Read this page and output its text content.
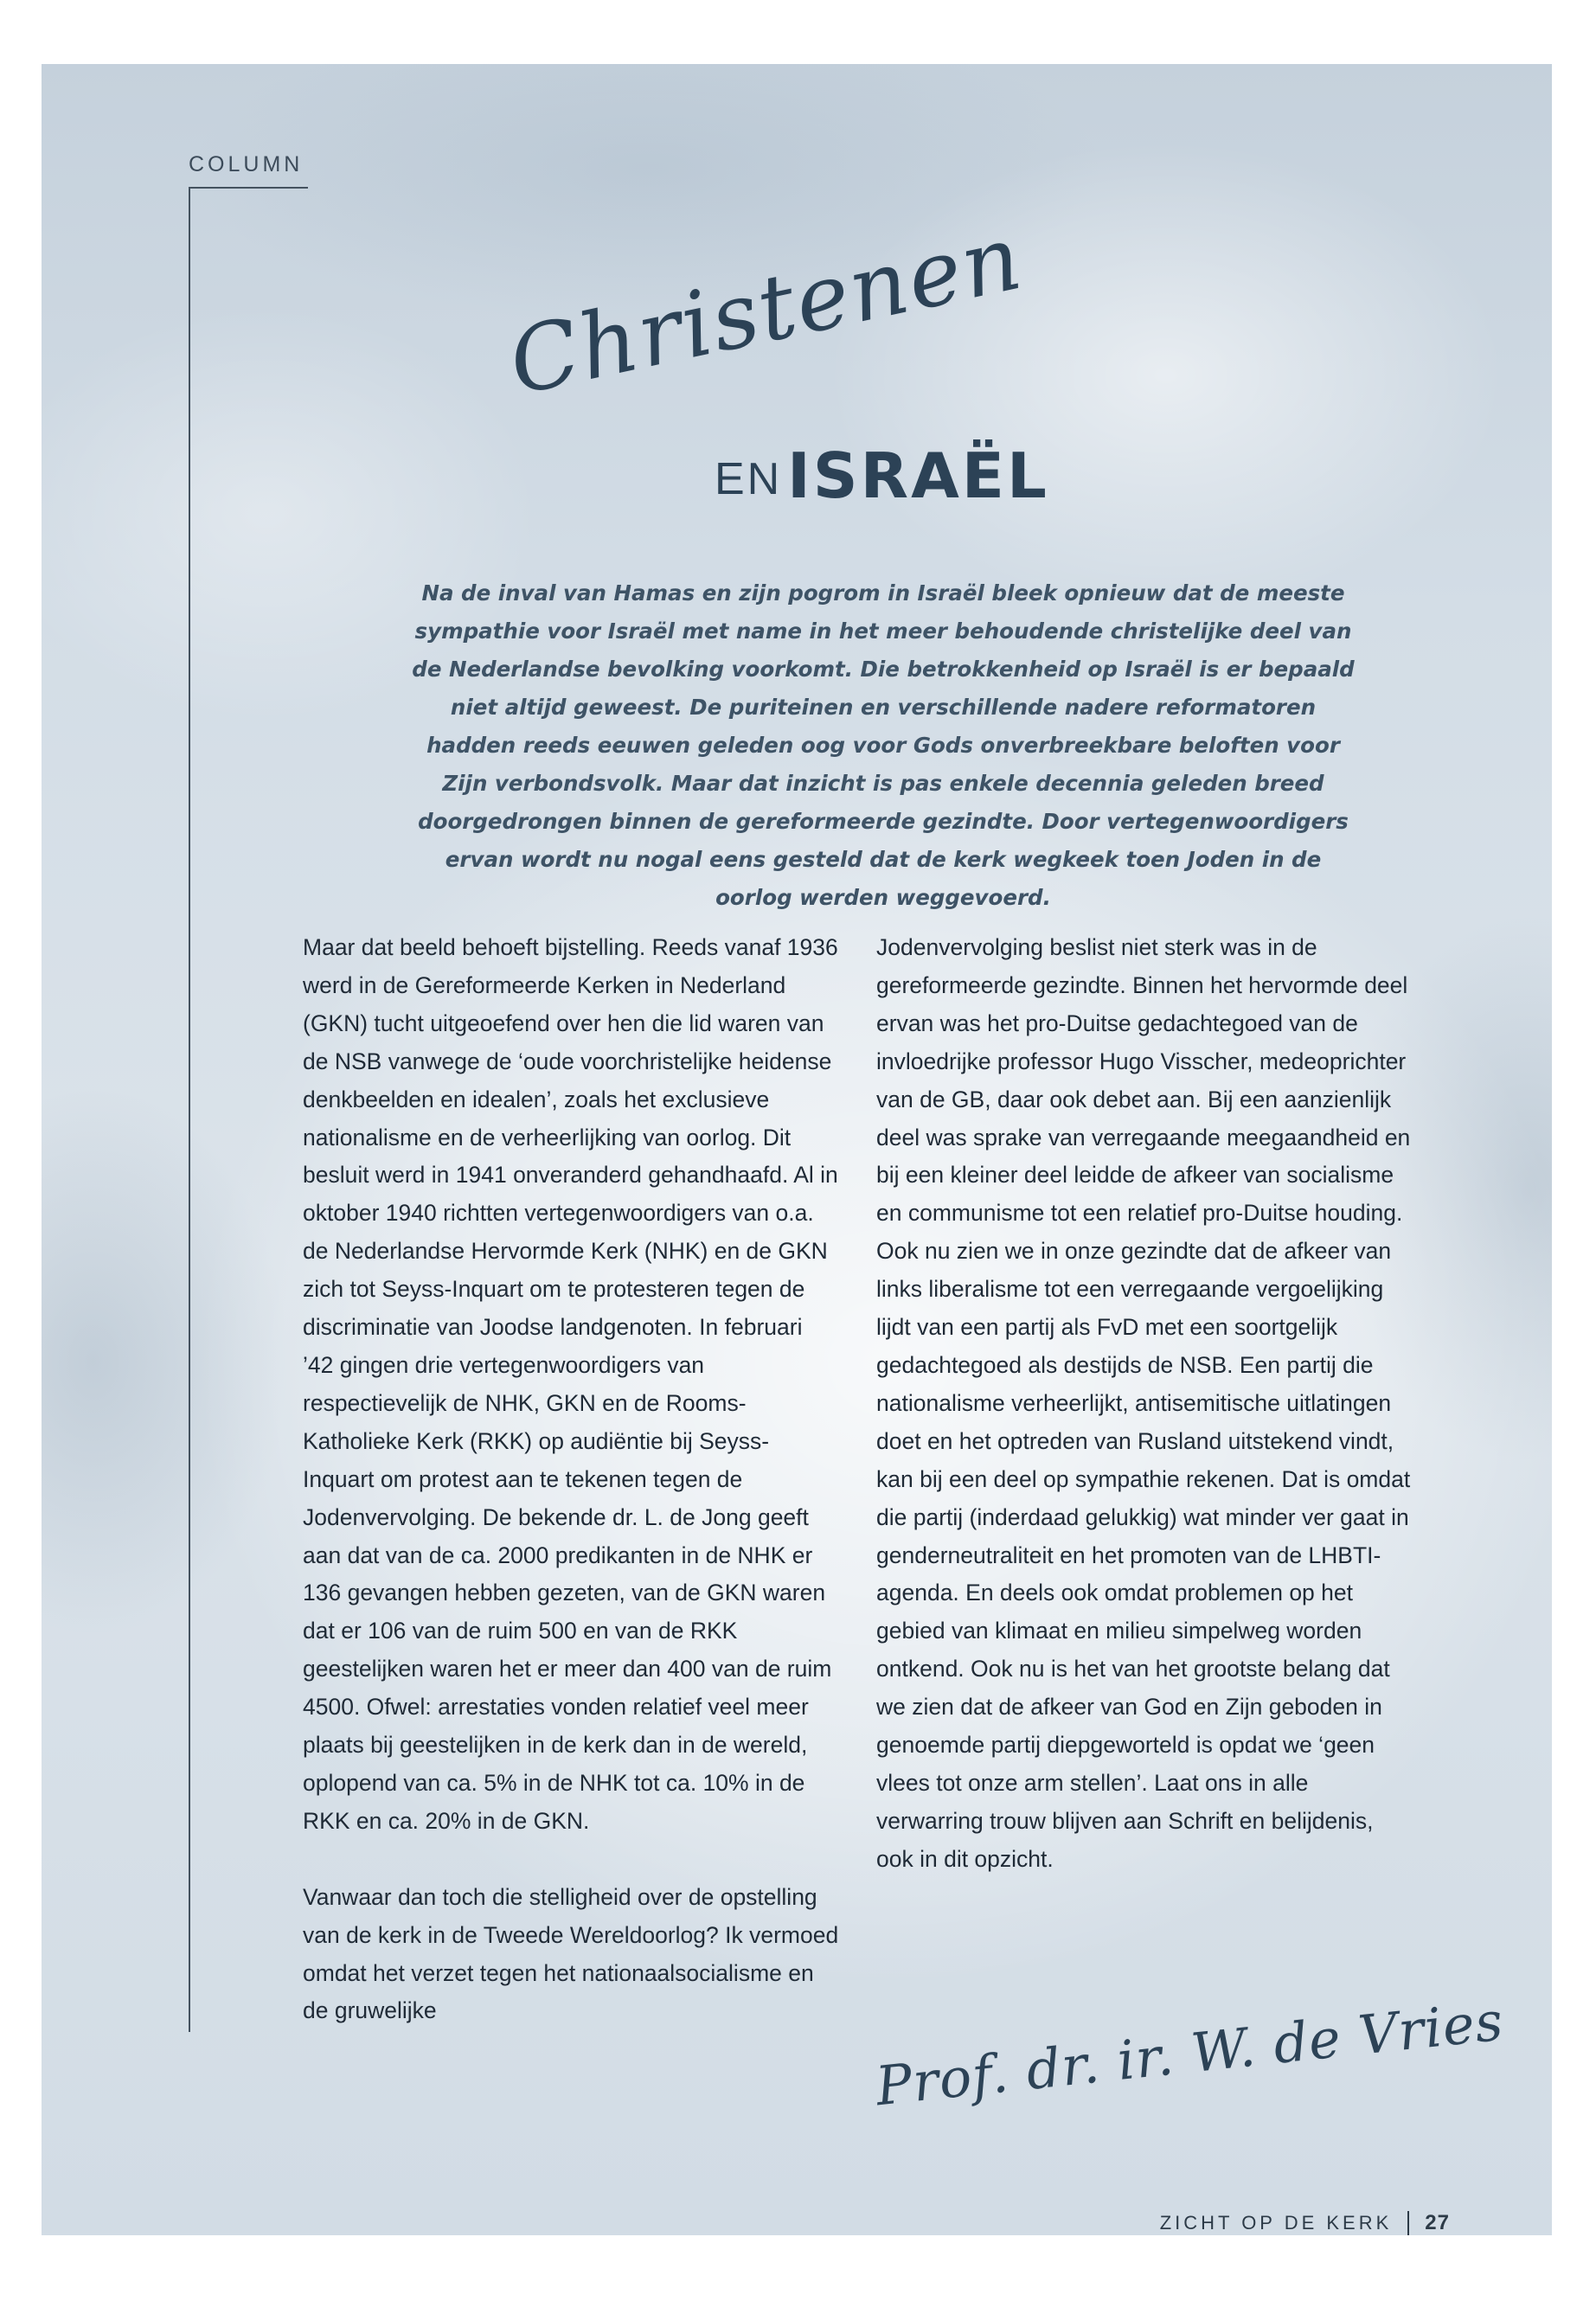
COLUMN
Christenen
EN ISRAËL

Na de inval van Hamas en zijn pogrom in Israël bleek opnieuw dat de meeste sympathie voor Israël met name in het meer behoudende christelijke deel van de Nederlandse bevolking voorkomt. Die betrokkenheid op Israël is er bepaald niet altijd geweest. De puriteinen en verschillende nadere reformatoren hadden reeds eeuwen geleden oog voor Gods onverbreekbare beloften voor Zijn verbondsvolk. Maar dat inzicht is pas enkele decennia geleden breed doorgedrongen binnen de gereformeerde gezindte. Door vertegenwoordigers ervan wordt nu nogal eens gesteld dat de kerk wegkeek toen Joden in de oorlog werden weggevoerd.

Maar dat beeld behoeft bijstelling. Reeds vanaf 1936 werd in de Gereformeerde Kerken in Nederland (GKN) tucht uitgeoefend over hen die lid waren van de NSB vanwege de ‘oude voorchristelijke heidense denkbeelden en idealen’, zoals het exclusieve nationalisme en de verheerlijking van oorlog. Dit besluit werd in 1941 onveranderd gehandhaafd. Al in oktober 1940 richtten vertegenwoordigers van o.a. de Nederlandse Hervormde Kerk (NHK) en de GKN zich tot Seyss-Inquart om te protesteren tegen de discriminatie van Joodse landgenoten. In februari ’42 gingen drie vertegenwoordigers van respectievelijk de NHK, GKN en de Rooms-Katholieke Kerk (RKK) op audiëntie bij Seyss-Inquart om protest aan te tekenen tegen de Jodenvervolging. De bekende dr. L. de Jong geeft aan dat van de ca. 2000 predikanten in de NHK er 136 gevangen hebben gezeten, van de GKN waren dat er 106 van de ruim 500 en van de RKK geestelijken waren het er meer dan 400 van de ruim 4500. Ofwel: arrestaties vonden relatief veel meer plaats bij geestelijken in de kerk dan in de wereld, oplopend van ca. 5% in de NHK tot ca. 10% in de RKK en ca. 20% in de GKN.

Vanwaar dan toch die stelligheid over de opstelling van de kerk in de Tweede Wereldoorlog? Ik vermoed omdat het verzet tegen het nationaalsocialisme en de gruwelijke

Jodenvervolging beslist niet sterk was in de gereformeerde gezindte. Binnen het hervormde deel ervan was het pro-Duitse gedachtegoed van de invloedrijke professor Hugo Visscher, medeoprichter van de GB, daar ook debet aan. Bij een aanzienlijk deel was sprake van verregaande meegaandheid en bij een kleiner deel leidde de afkeer van socialisme en communisme tot een relatief pro-Duitse houding. Ook nu zien we in onze gezindte dat de afkeer van links liberalisme tot een verregaande vergoelijking lijdt van een partij als FvD met een soortgelijk gedachtegoed als destijds de NSB. Een partij die nationalisme verheerlijkt, antisemitische uitlatingen doet en het optreden van Rusland uitstekend vindt, kan bij een deel op sympathie rekenen. Dat is omdat die partij (inderdaad gelukkig) wat minder ver gaat in genderneutraliteit en het promoten van de LHBTI-agenda. En deels ook omdat problemen op het gebied van klimaat en milieu simpelweg worden ontkend. Ook nu is het van het grootste belang dat we zien dat de afkeer van God en Zijn geboden in genoemde partij diepgeworteld is opdat we ‘geen vlees tot onze arm stellen’. Laat ons in alle verwarring trouw blijven aan Schrift en belijdenis, ook in dit opzicht.

Prof. dr. ir. W. de Vries
ZICHT OP DE KERK 27
